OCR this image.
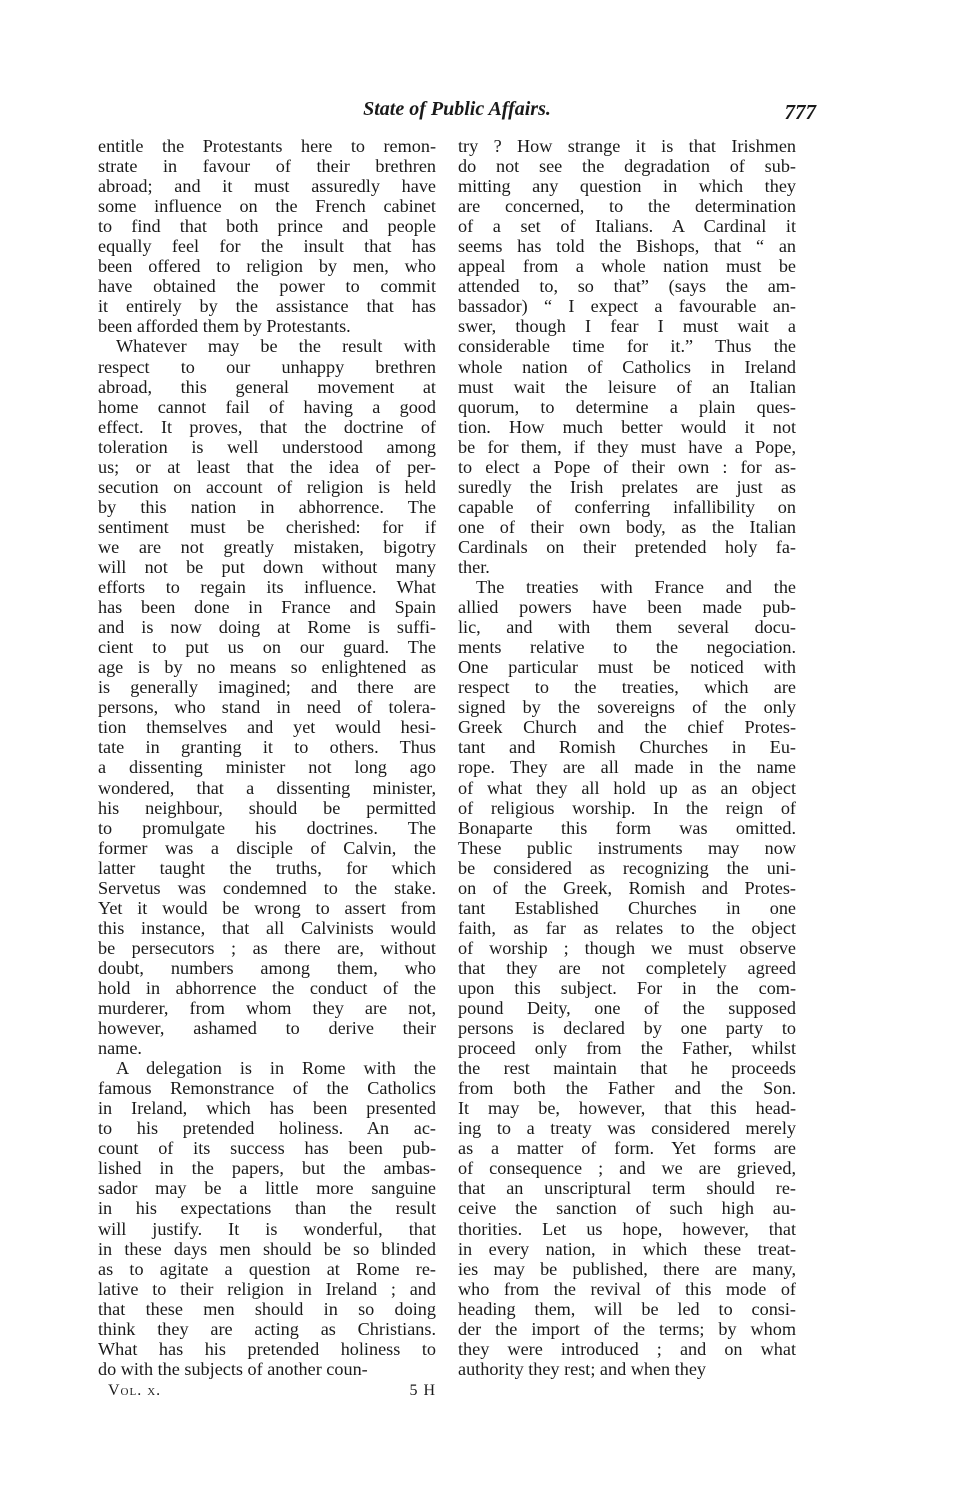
State of Public Affairs.	777
entitle the Protestants here to remon-
strate in favour of their brethren
abroad; and it must assuredly have
some influence on the French cabinet
to find that both prince and people
equally feel for the insult that has
been offered to religion by men, who
have obtained the power to commit
it entirely by the assistance that has
been afforded them by Protestants.
Whatever may be the result with
respect to our unhappy brethren
abroad, this general movement at
home cannot fail of having a good
effect. It proves, that the doctrine of
toleration is well understood among
us; or at least that the idea of per-
secution on account of religion is held
by this nation in abhorrence. The
sentiment must be cherished: for if
we are not greatly mistaken, bigotry
will not be put down without many
efforts to regain its influence. What
has been done in France and Spain
and is now doing at Rome is suffi-
cient to put us on our guard. The
age is by no means so enlightened as
is generally imagined; and there are
persons, who stand in need of tolera-
tion themselves and yet would hesi-
tate in granting it to others. Thus
a dissenting minister not long ago
wondered, that a dissenting minister,
his neighbour, should be permitted
to promulgate his doctrines. The
former was a disciple of Calvin, the
latter taught the truths, for which
Servetus was condemned to the stake.
Yet it would be wrong to assert from
this instance, that all Calvinists would
be persecutors ; as there are, without
doubt, numbers among them, who
hold in abhorrence the conduct of the
murderer, from whom they are not,
however, ashamed to derive their
name.
A delegation is in Rome with the
famous Remonstrance of the Catholics
in Ireland, which has been presented
to his pretended holiness. An ac-
count of its success has been pub-
lished in the papers, but the ambas-
sador may be a little more sanguine
in his expectations than the result
will justify. It is wonderful, that
in these days men should be so blinded
as to agitate a question at Rome re-
lative to their religion in Ireland ; and
that these men should in so doing
think they are acting as Christians.
What has his pretended holiness to
do with the subjects of another coun-
try ? How strange it is that Irishmen
do not see the degradation of sub-
mitting any question in which they
are concerned, to the determination
of a set of Italians. A Cardinal it
seems has told the Bishops, that “ an
appeal from a whole nation must be
attended to, so that” (says the am-
bassador) “ I expect a favourable an-
swer, though I fear I must wait a
considerable time for it.” Thus the
whole nation of Catholics in Ireland
must wait the leisure of an Italian
quorum, to determine a plain ques-
tion. How much better would it not
be for them, if they must have a Pope,
to elect a Pope of their own : for as-
suredly the Irish prelates are just as
capable of conferring infallibility on
one of their own body, as the Italian
Cardinals on their pretended holy fa-
ther.
The treaties with France and the
allied powers have been made pub-
lic, and with them several docu-
ments relative to the negociation.
One particular must be noticed with
respect to the treaties, which are
signed by the sovereigns of the only
Greek Church and the chief Protes-
tant and Romish Churches in Eu-
rope. They are all made in the name
of what they all hold up as an object
of religious worship. In the reign of
Bonaparte this form was omitted.
These public instruments may now
be considered as recognizing the uni-
on of the Greek, Romish and Protes-
tant Established Churches in one
faith, as far as relates to the object
of worship ; though we must observe
that they are not completely agreed
upon this subject. For in the com-
pound Deity, one of the supposed
persons is declared by one party to
proceed only from the Father, whilst
the rest maintain that he proceeds
from both the Father and the Son.
It may be, however, that this head-
ing to a treaty was considered merely
as a matter of form. Yet forms are
of consequence ; and we are grieved,
that an unscriptural term should re-
ceive the sanction of such high au-
thorities. Let us hope, however, that
in every nation, in which these treat-
ies may be published, there are many,
who from the revival of this mode of
heading them, will be led to consi-
der the import of the terms; by whom
they were introduced ; and on what
authority they rest; and when they
Vol. x.	5 H
